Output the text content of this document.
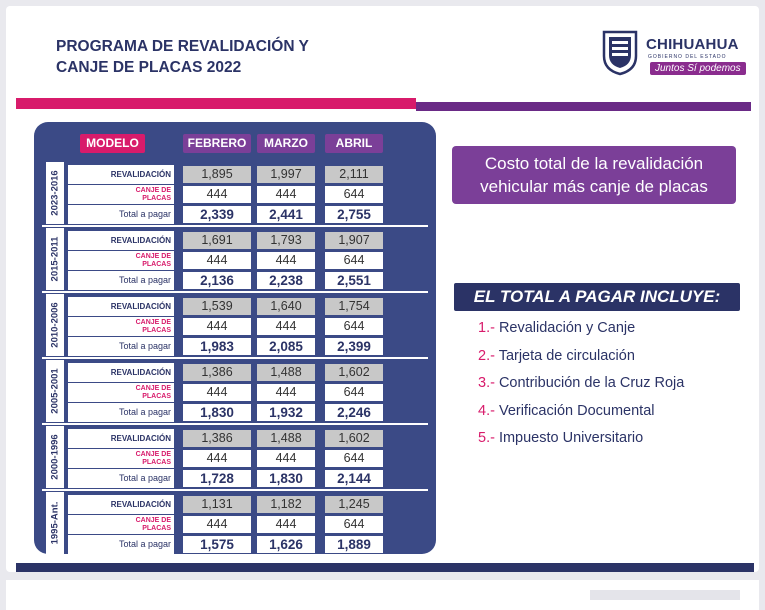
PROGRAMA DE REVALIDACIÓN Y
CANJE DE PLACAS 2022
CHIHUAHUA
GOBIERNO DEL ESTADO
Juntos Sí podemos
MODELO	FEBRERO	MARZO	ABRIL
2023-2016	REVALIDACIÓN	1,895	1,997	2,111
CANJE DE PLACAS	444	444	644
Total a pagar	2,339	2,441	2,755
2015-2011	REVALIDACIÓN	1,691	1,793	1,907
CANJE DE PLACAS	444	444	644
Total a pagar	2,136	2,238	2,551
2010-2006	REVALIDACIÓN	1,539	1,640	1,754
CANJE DE PLACAS	444	444	644
Total a pagar	1,983	2,085	2,399
2005-2001	REVALIDACIÓN	1,386	1,488	1,602
CANJE DE PLACAS	444	444	644
Total a pagar	1,830	1,932	2,246
2000-1996	REVALIDACIÓN	1,386	1,488	1,602
CANJE DE PLACAS	444	444	644
Total a pagar	1,728	1,830	2,144
1995-Ant.	REVALIDACIÓN	1,131	1,182	1,245
CANJE DE PLACAS	444	444	644
Total a pagar	1,575	1,626	1,889
Costo total de la revalidación
vehicular más canje de placas
EL TOTAL A PAGAR INCLUYE:
1.- Revalidación y Canje
2.- Tarjeta de circulación
3.- Contribución de la Cruz Roja
4.- Verificación Documental
5.- Impuesto Universitario
